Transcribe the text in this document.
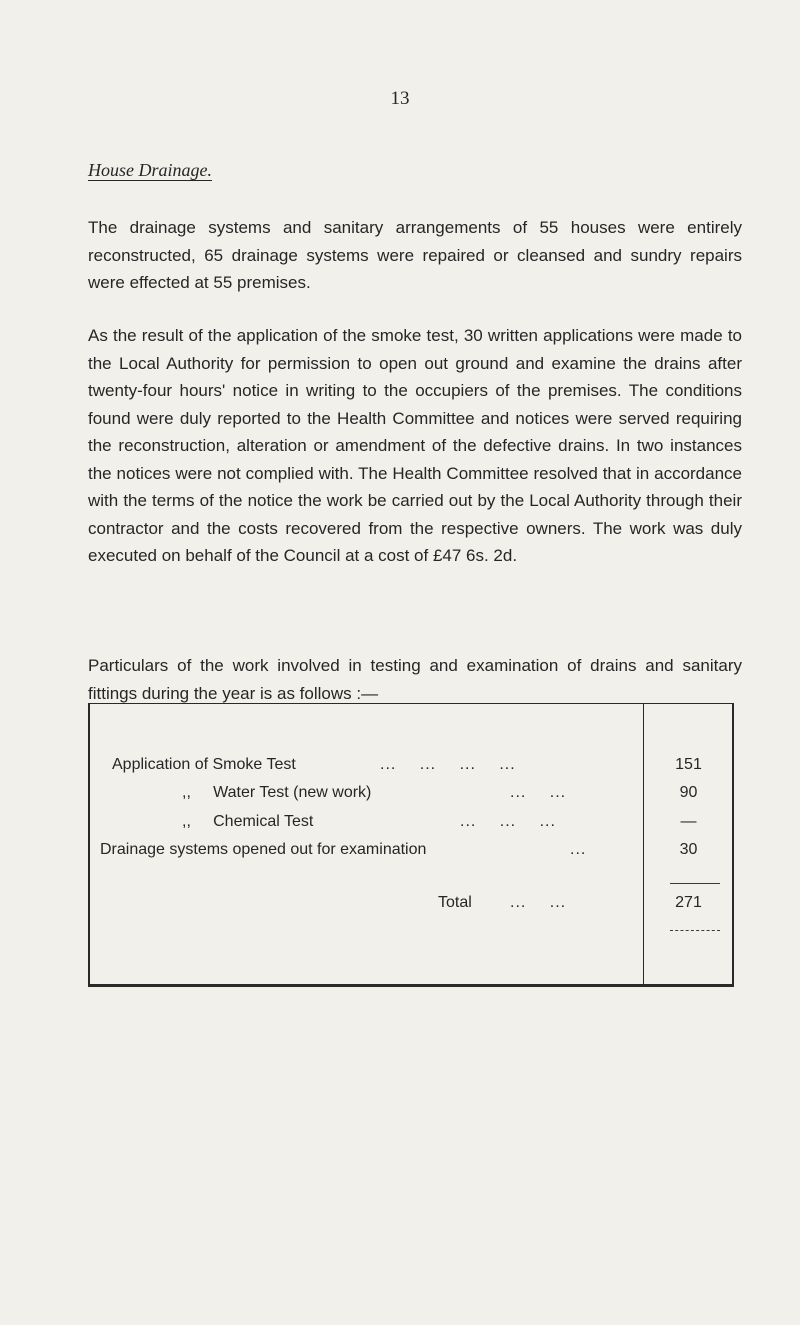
13
House Drainage.

The drainage systems and sanitary arrangements of 55 houses were entirely reconstructed, 65 drainage systems were repaired or cleansed and sundry repairs were effected at 55 premises.

As the result of the application of the smoke test, 30 written applications were made to the Local Authority for permission to open out ground and examine the drains after twenty-four hours' notice in writing to the occupiers of the premises. The conditions found were duly reported to the Health Committee and notices were served requiring the reconstruction, alteration or amendment of the defective drains. In two instances the notices were not complied with. The Health Committee resolved that in accordance with the terms of the notice the work be carried out by the Local Authority through their contractor and the costs recovered from the respective owners. The work was duly executed on behalf of the Council at a cost of £47 6s. 2d.

Particulars of the work involved in testing and examination of drains and sanitary fittings during the year is as follows :—

Application of Smoke Test	... ... ... ...	151
,,     Water Test (new work)	... ...	90
,,     Chemical Test	... ... ...	—
Drainage systems opened out for examination	...	30
Total ... ...	271
